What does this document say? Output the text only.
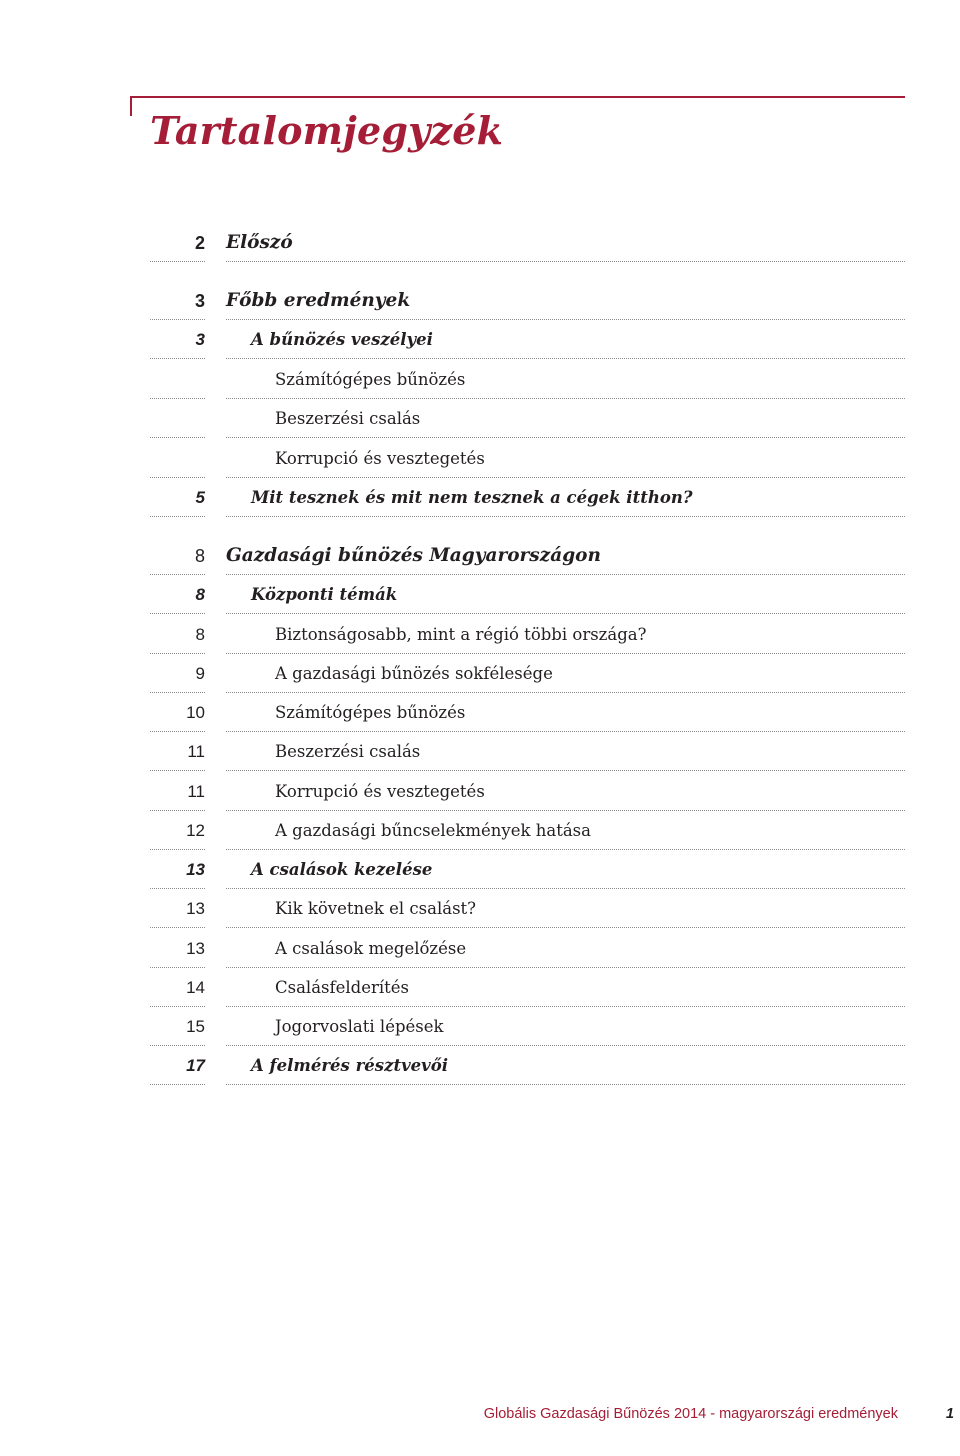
Tartalomjegyzék
2 Előszó
3 Főbb eredmények
3	A bűnözés veszélyei
Számítógépes bűnözés
Beszerzési csalás
Korrupció és vesztegetés
5	Mit tesznek és mit nem tesznek a cégek itthon?
8 Gazdasági bűnözés Magyarországon
8	Központi témák
8	Biztonságosabb, mint a régió többi országa?
9	A gazdasági bűnözés sokfélesége
10	Számítógépes bűnözés
11	Beszerzési csalás
11	Korrupció és vesztegetés
12	A gazdasági bűncselekmények hatása
13	A csalások kezelése
13	Kik követnek el csalást?
13	A csalások megelőzése
14	Csalásfelderítés
15	Jogorvoslati lépések
17	A felmérés résztvevői
Globális Gazdasági Bűnözés 2014 - magyarországi eredmények	1
